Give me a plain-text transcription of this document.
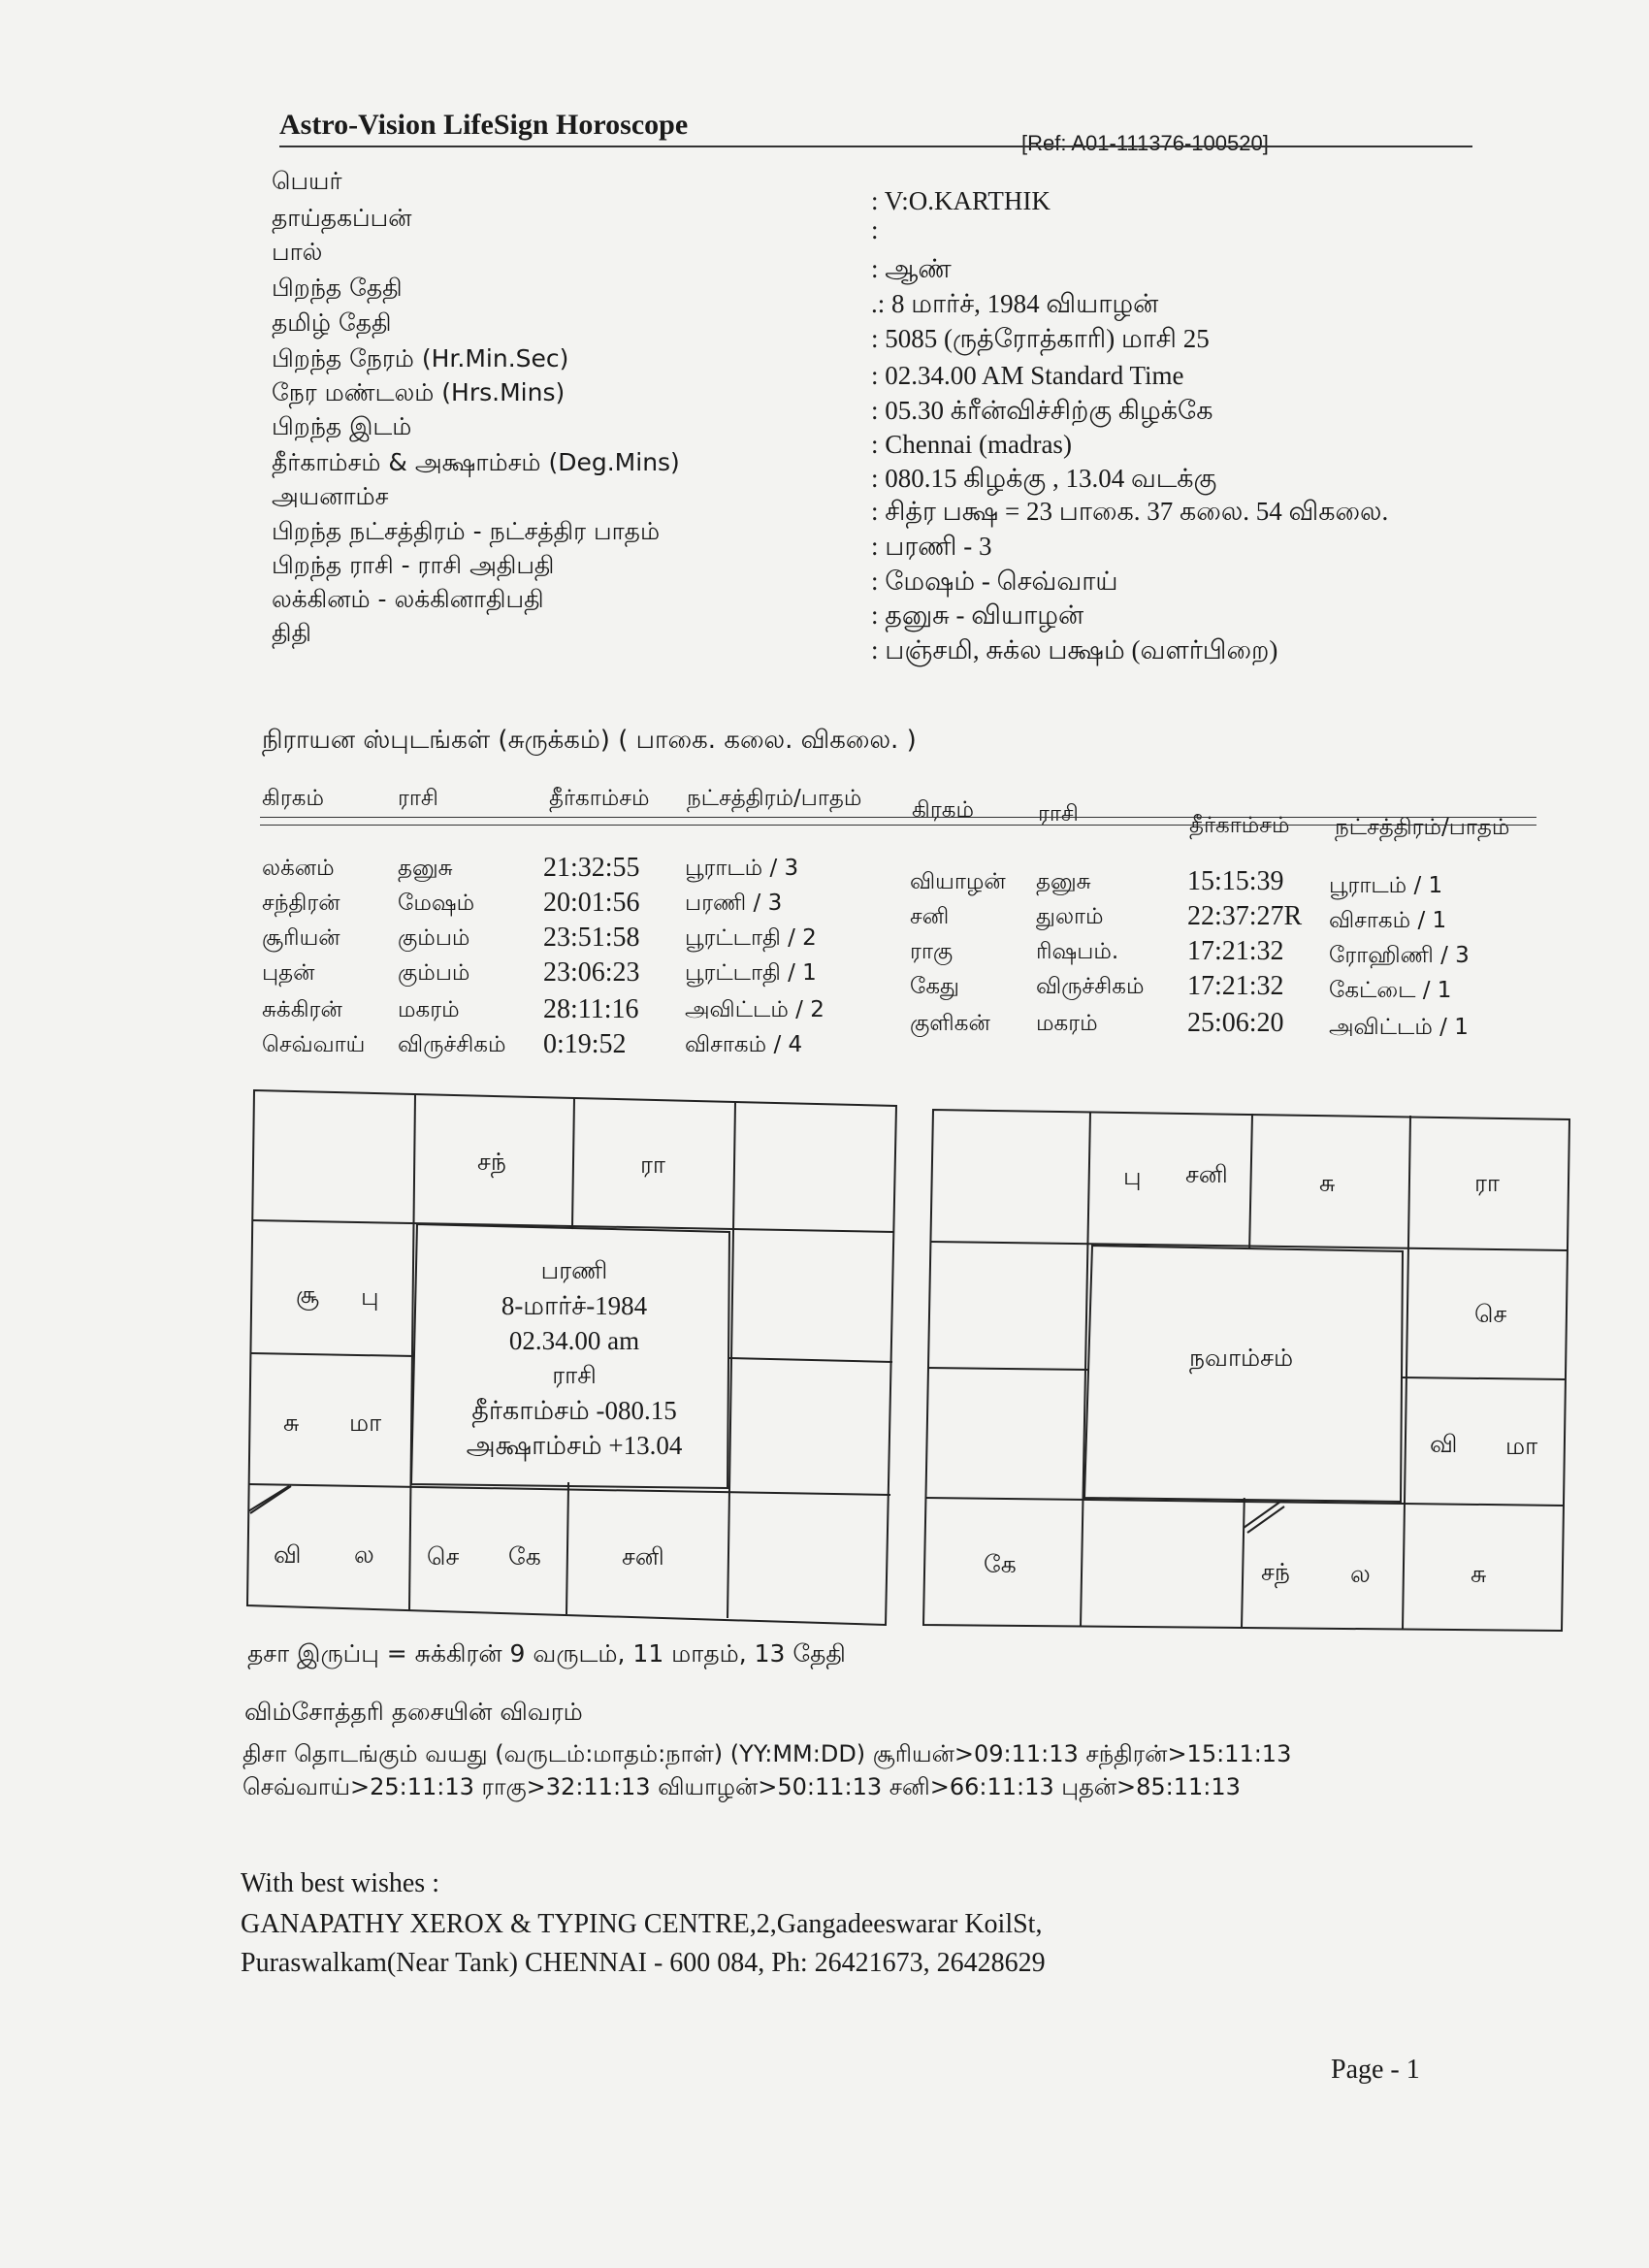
Astro-Vision LifeSign Horoscope
[Ref: A01-111376-100520]
பெயர்
: V:O.KARTHIK
தாய்தகப்பன்	:
பால்
: ஆண்
பிறந்த தேதி
.: 8 மார்ச், 1984 வியாழன்
தமிழ் தேதி
: 5085 (ருத்ரோத்காரி) மாசி 25
பிறந்த நேரம் (Hr.Min.Sec)
: 02.34.00 AM Standard Time
நேர மண்டலம் (Hrs.Mins)
: 05.30 க்ரீன்விச்சிற்கு கிழக்கே
பிறந்த இடம்
: Chennai (madras)
தீர்காம்சம் & அக்ஷாம்சம் (Deg.Mins)
: 080.15 கிழக்கு , 13.04 வடக்கு
அயனாம்ச
: சித்ர பக்ஷ = 23 பாகை. 37 கலை. 54 விகலை.
பிறந்த நட்சத்திரம் - நட்சத்திர பாதம்
: பரணி - 3
பிறந்த ராசி - ராசி அதிபதி
: மேஷம் - செவ்வாய்
லக்கினம் - லக்கினாதிபதி
: தனுசு - வியாழன்
திதி
: பஞ்சமி, சுக்ல பக்ஷம் (வளர்பிறை)
நிராயன ஸ்புடங்கள் (சுருக்கம்) ( பாகை. கலை. விகலை. )
கிரகம்	ராசி	தீர்காம்சம் நட்சத்திரம்/பாதம் கிரகம்	ராசி	தீர்காம்சம் நட்சத்திரம்/பாதம்
லக்னம்	தனுசு	21:32:55 பூராடம் / 3
சந்திரன்	மேஷம்	20:01:56 பரணி / 3
சூரியன்	கும்பம்	23:51:58 பூரட்டாதி / 2
புதன்	கும்பம்	23:06:23 பூரட்டாதி / 1
சுக்கிரன் மகரம்	28:11:16 அவிட்டம் / 2
செவ்வாய் விருச்சிகம் 0:19:52	விசாகம் / 4
வியாழன் தனுசு	15:15:39 பூராடம் / 1
சனி	துலாம்	22:37:27R விசாகம் / 1
ராகு	ரிஷபம்.	17:21:32 ரோஹிணி / 3
கேது	விருச்சிகம் 17:21:32 கேட்டை / 1
குளிகன் மகரம்	25:06:20 அவிட்டம் / 1
சந்	ரா
சூ பு
சு மா
வி ல செ கே	சனி
பரணி
8-மார்ச்-1984
02.34.00 am
ராசி
தீர்காம்சம் -080.15
அக்ஷாம்சம் +13.04
பு சனி	சு	ரா
செ
வி மா
கே	சந் ல	சு
நவாம்சம்
தசா இருப்பு = சுக்கிரன் 9 வருடம், 11 மாதம், 13 தேதி
விம்சோத்தரி தசையின் விவரம்
திசா தொடங்கும் வயது (வருடம்:மாதம்:நாள்) (YY:MM:DD) சூரியன்>09:11:13 சந்திரன்>15:11:13
செவ்வாய்>25:11:13 ராகு>32:11:13 வியாழன்>50:11:13 சனி>66:11:13 புதன்>85:11:13
With best wishes :
GANAPATHY XEROX & TYPING CENTRE,2,Gangadeeswarar KoilSt,
Puraswalkam(Near Tank) CHENNAI - 600 084, Ph: 26421673, 26428629
Page - 1
